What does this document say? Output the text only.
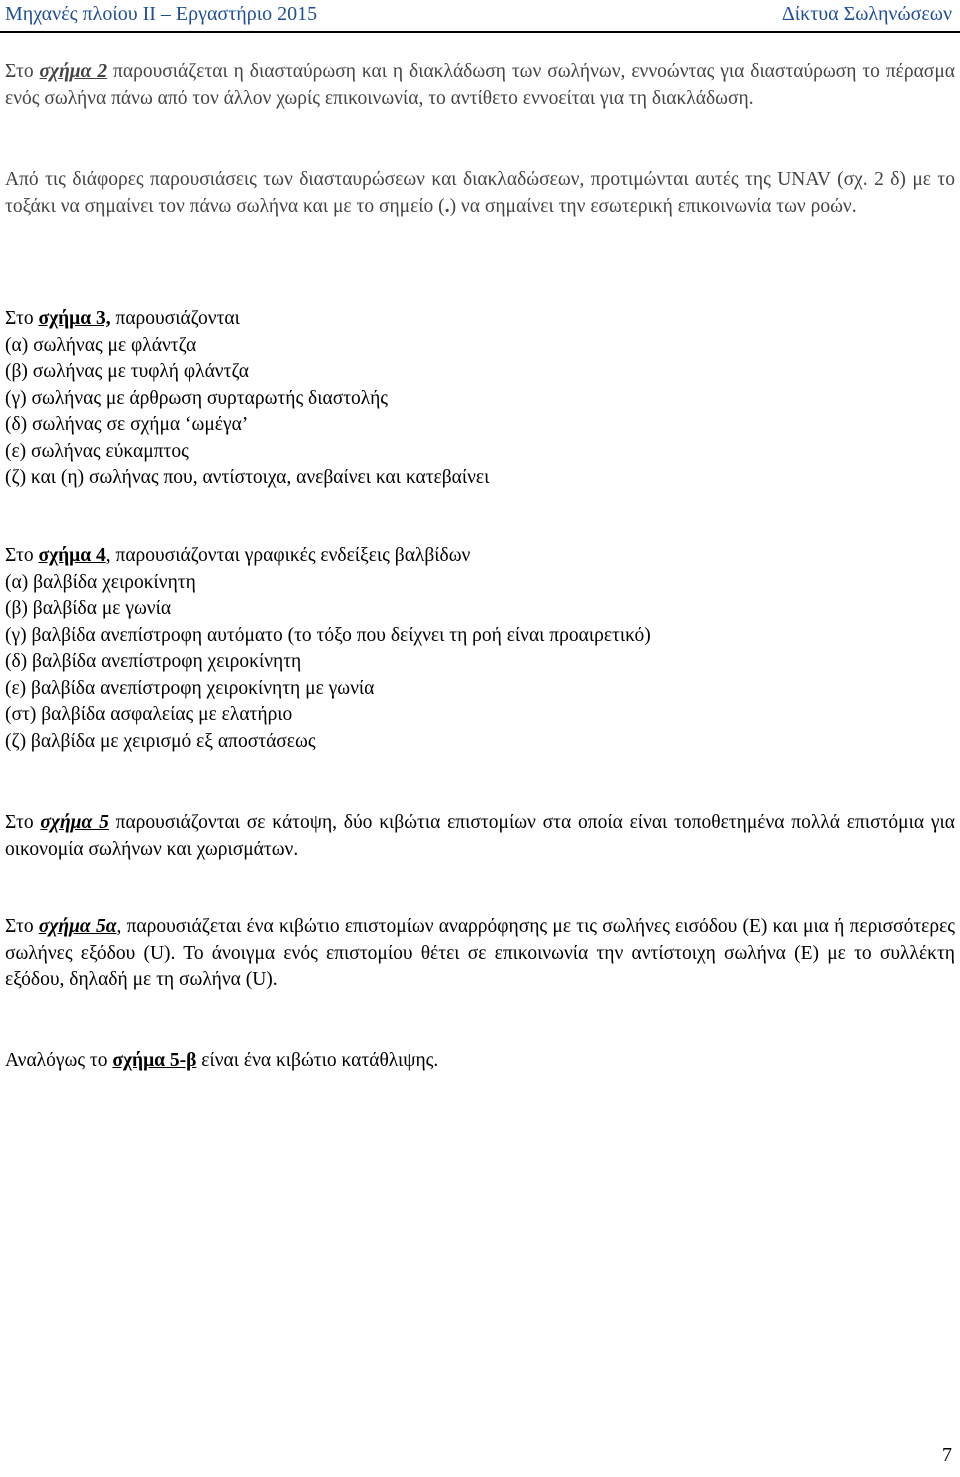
Μηχανές πλοίου ΙΙ – Εργαστήριο 2015	Δίκτυα Σωληνώσεων

Στο σχήμα 2 παρουσιάζεται η διασταύρωση και η διακλάδωση των σωλήνων, εννοώντας για διασταύρωση το πέρασμα ενός σωλήνα πάνω από τον άλλον χωρίς επικοινωνία, το αντίθετο εννοείται για τη διακλάδωση.

Από τις διάφορες παρουσιάσεις των διασταυρώσεων και διακλαδώσεων, προτιμώνται αυτές της UNAV (σχ. 2 δ) με το τοξάκι να σημαίνει τον πάνω σωλήνα και με το σημείο (.) να σημαίνει την εσωτερική επικοινωνία των ροών.

Στο σχήμα 3, παρουσιάζονται
(α) σωλήνας με φλάντζα
(β) σωλήνας με τυφλή φλάντζα
(γ) σωλήνας με άρθρωση συρταρωτής διαστολής
(δ) σωλήνας σε σχήμα ‘ωμέγα’
(ε) σωλήνας εύκαμπτος
(ζ) και (η) σωλήνας που, αντίστοιχα, ανεβαίνει και κατεβαίνει
Στο σχήμα 4, παρουσιάζονται γραφικές ενδείξεις βαλβίδων
(α) βαλβίδα χειροκίνητη
(β) βαλβίδα με γωνία
(γ) βαλβίδα ανεπίστροφη αυτόματο (το τόξο που δείχνει τη ροή είναι προαιρετικό)
(δ) βαλβίδα ανεπίστροφη χειροκίνητη
(ε) βαλβίδα ανεπίστροφη χειροκίνητη με γωνία
(στ) βαλβίδα ασφαλείας με ελατήριο
(ζ) βαλβίδα με χειρισμό εξ αποστάσεως

Στο σχήμα 5 παρουσιάζονται σε κάτοψη, δύο κιβώτια επιστομίων στα οποία είναι τοποθετημένα πολλά επιστόμια για οικονομία σωλήνων και χωρισμάτων.

Στο σχήμα 5α, παρουσιάζεται ένα κιβώτιο επιστομίων αναρρόφησης με τις σωλήνες εισόδου (Ε) και μια ή περισσότερες σωλήνες εξόδου (U). Το άνοιγμα ενός επιστομίου θέτει σε επικοινωνία την αντίστοιχη σωλήνα (Ε) με το συλλέκτη εξόδου, δηλαδή με τη σωλήνα (U).

Αναλόγως το σχήμα 5-β είναι ένα κιβώτιο κατάθλιψης.

7
